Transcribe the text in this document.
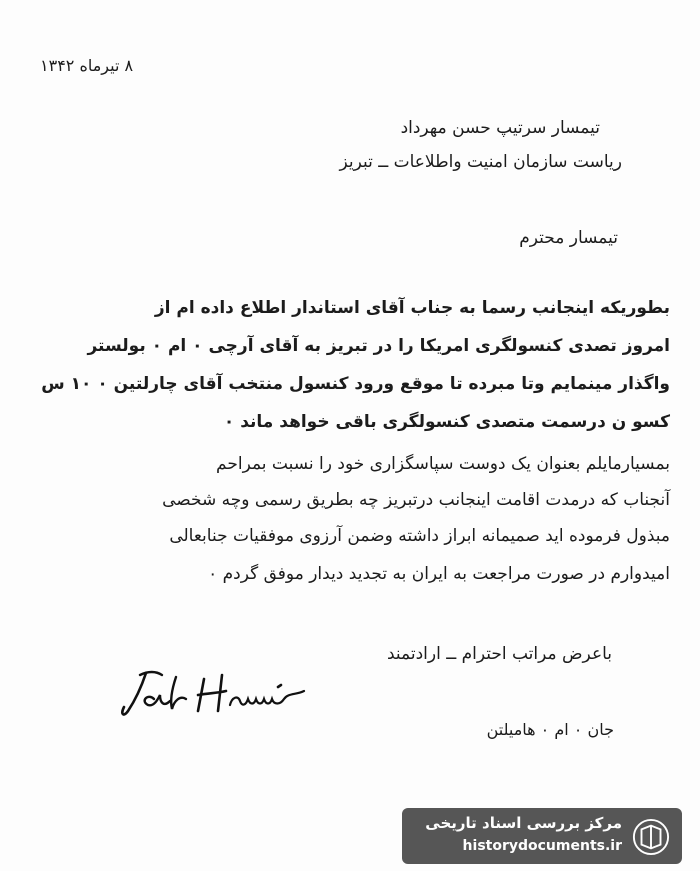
۸ تیرماه ۱۳۴۲
تیمسار سرتیپ حسن مهرداد
ریاست سازمان امنیت واطلاعات ــ تبریز
تیمسار محترم
بطوریکه اینجانب رسما به جناب آقای استاندار اطلاع داده ام از
امروز تصدی کنسولگری امریکا را در تبریز به آقای آرچی ۰ ام ۰ بولستر
واگذار مینمایم وتا مبرده تا موقع ورود کنسول منتخب آقای چارلتین ۰ ۱۰ س
کسو ن درسمت متصدی کنسولگری باقی خواهد ماند ۰
بمسیارمایلم بعنوان یک دوست سپاسگزاری خود را نسبت بمراحم
آنجناب که درمدت اقامت اینجانب درتبریز چه بطریق رسمی وچه شخصی
مبذول فرموده اید صمیمانه ابراز داشته وضمن آرزوی موفقیات جنابعالی
امیدوارم در صورت مراجعت به ایران به تجدید دیدار موفق گردم ۰
باعرض مراتب احترام ــ ارادتمند
جان ۰ ام ۰ هامیلتن
مرکز بررسی اسناد تاریخی
historydocuments.ir
